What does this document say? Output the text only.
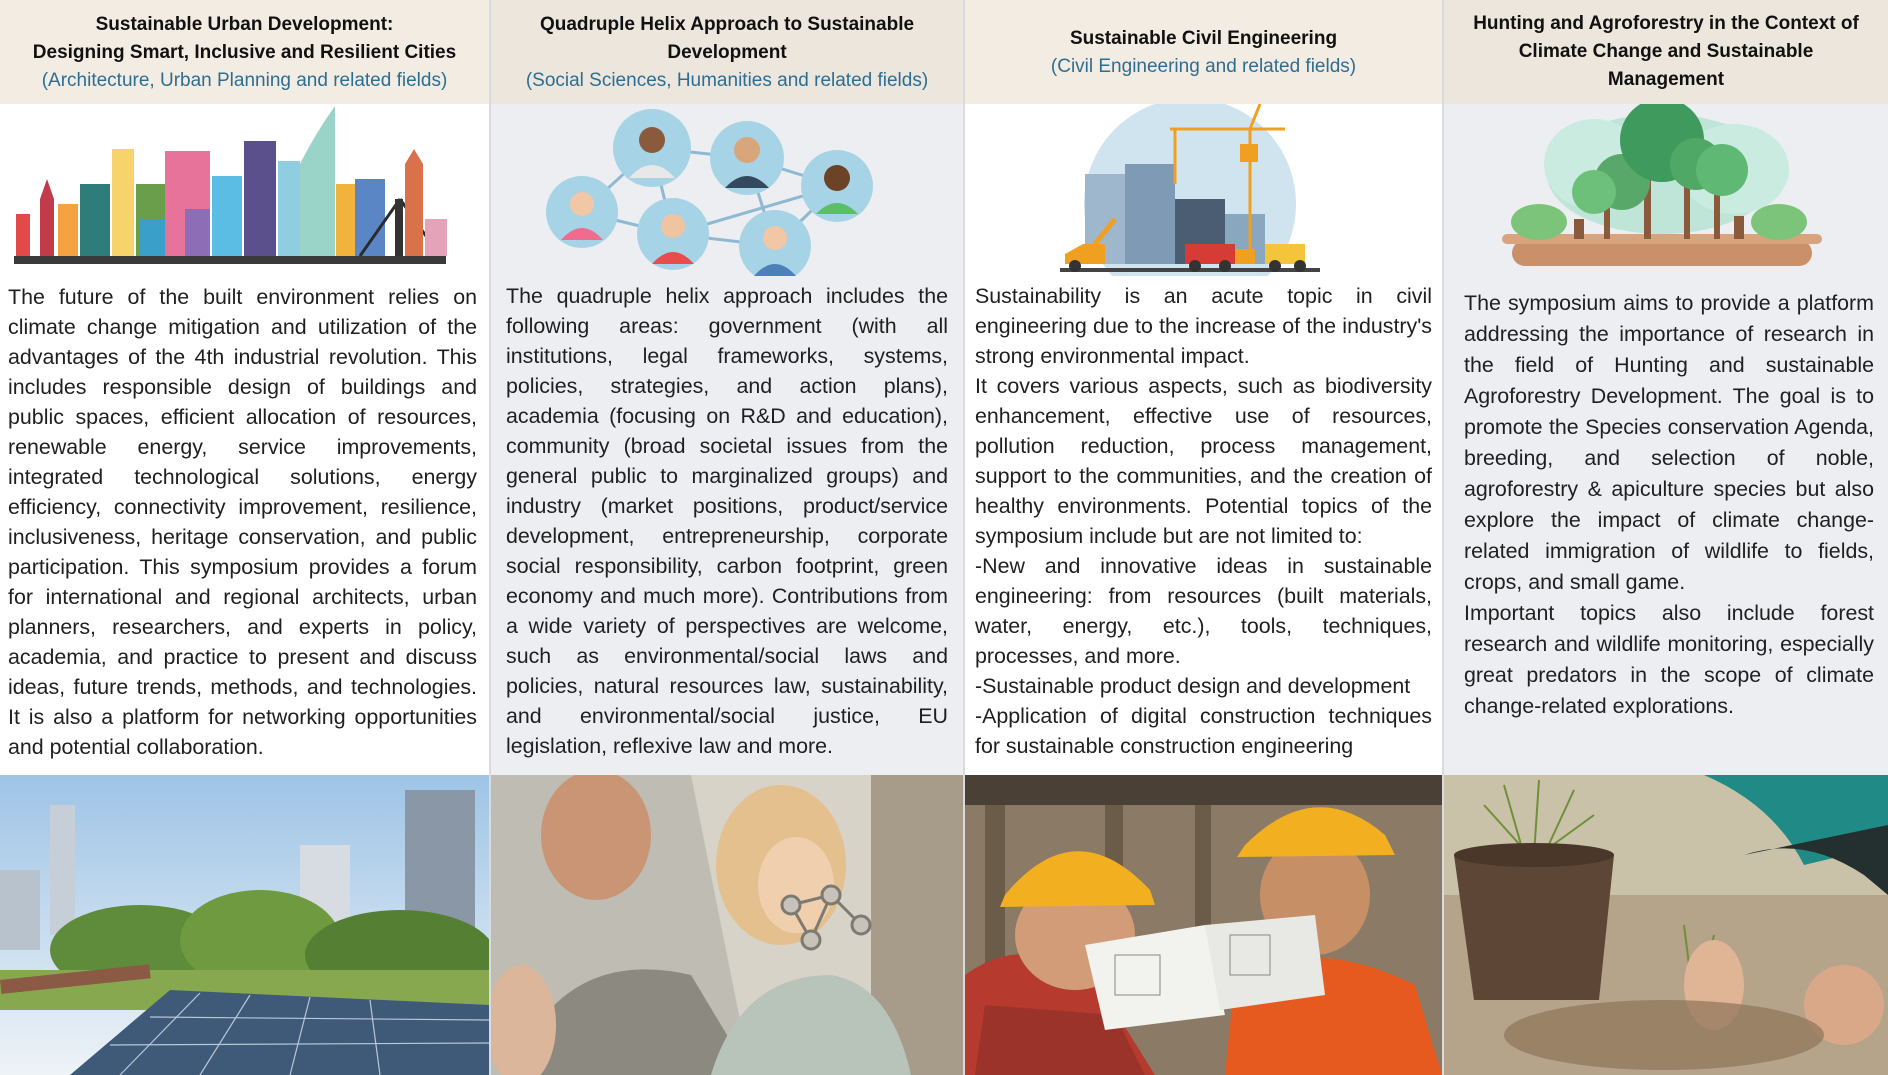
Sustainable Urban Development:
Designing Smart, Inclusive and Resilient Cities
(Architecture, Urban Planning and related fields)

The future of the built environment relies on climate change mitigation and utilization of the advantages of the 4th industrial revolution. This includes responsible design of buildings and public spaces, efficient allocation of resources, renewable energy, service improvements, integrated technological solutions, energy efficiency, connectivity improvement, resilience, inclusiveness, heritage conservation, and public participation. This symposium provides a forum for international and regional architects, urban planners, researchers, and experts in policy, academia, and practice to present and discuss ideas, future trends, methods, and technologies. It is also a platform for networking opportunities and potential collaboration.

Quadruple Helix Approach to Sustainable
Development
(Social Sciences, Humanities and related fields)

The quadruple helix approach includes the following areas: government (with all institutions, legal frameworks, systems, policies, strategies, and action plans), academia (focusing on R&D and education), community (broad societal issues from the general public to marginalized groups) and industry (market positions, product/service development, entrepreneurship, corporate social responsibility, carbon footprint, green economy and much more). Contributions from a wide variety of perspectives are welcome, such as environmental/social laws and policies, natural resources law, sustainability, and environmental/social justice, EU legislation, reflexive law and more.

Sustainable Civil Engineering
(Civil Engineering and related fields)

Sustainability is an acute topic in civil engineering due to the increase of the industry's strong environmental impact.

It covers various aspects, such as biodiversity enhancement, effective use of resources, pollution reduction, process management, support to the communities, and the creation of healthy environments. Potential topics of the symposium include but are not limited to:

-New and innovative ideas in sustainable engineering: from resources (built materials, water, energy, etc.), tools, techniques, processes, and more.

-Sustainable product design and development

-Application of digital construction techniques for sustainable construction engineering

Hunting and Agroforestry in the Context of
Climate Change and Sustainable
Management

The symposium aims to provide a platform addressing the importance of research in the field of Hunting and sustainable Agroforestry Development. The goal is to promote the Species conservation Agenda, breeding, and selection of noble, agroforestry & apiculture species but also explore the impact of climate change-related immigration of wildlife to fields, crops, and small game.

Important topics also include forest research and wildlife monitoring, especially great predators in the scope of climate change-related explorations.
